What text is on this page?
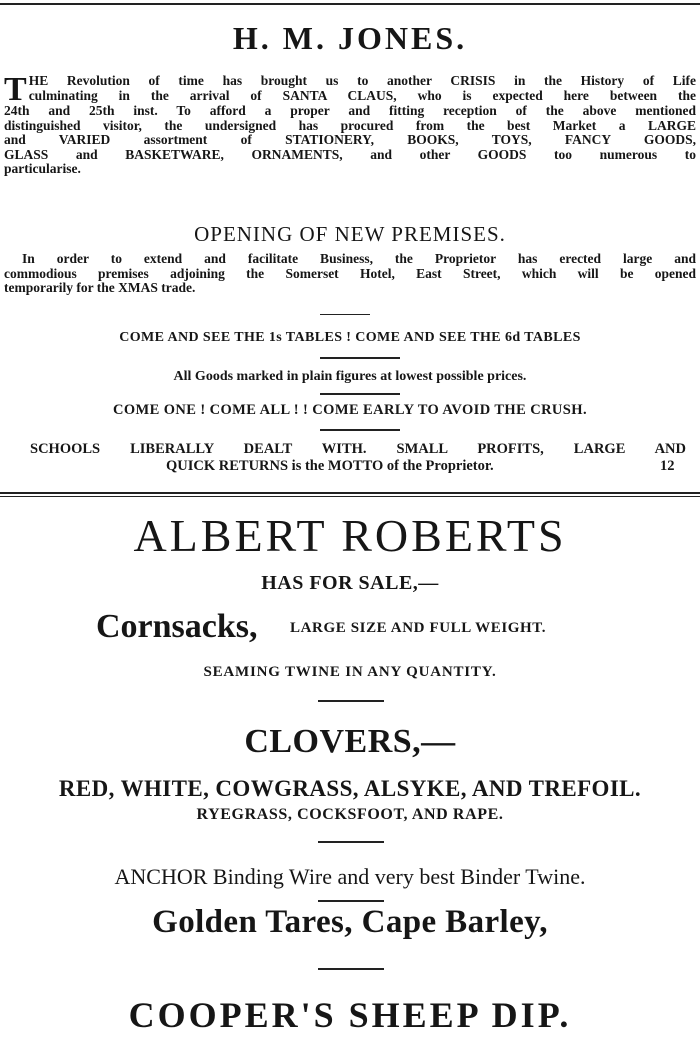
H. M. JONES.
T HE Revolution of time has brought us to another CRISIS in the History of Life
culminating in the arrival of SANTA CLAUS, who is expected here between the
24th and 25th inst. To afford a proper and fitting reception of the above mentioned
distinguished visitor, the undersigned has procured from the best Market a LARGE
and VARIED assortment of STATIONERY, BOOKS, TOYS, FANCY GOODS,
GLASS and BASKETWARE, ORNAMENTS, and other GOODS too numerous to
particularise.
OPENING OF NEW PREMISES.
In order to extend and facilitate Business, the Proprietor has erected large and
commodious premises adjoining the Somerset Hotel, East Street, which will be opened
temporarily for the XMAS trade.
COME AND SEE THE 1s TABLES ! COME AND SEE THE 6d TABLES
All Goods marked in plain figures at lowest possible prices.
COME ONE ! COME ALL ! ! COME EARLY TO AVOID THE CRUSH.
SCHOOLS LIBERALLY DEALT WITH. SMALL PROFITS, LARGE AND
QUICK RETURNS is the MOTTO of the Proprietor.	12
ALBERT ROBERTS
HAS FOR SALE,—
Cornsacks, LARGE SIZE AND FULL WEIGHT.
SEAMING TWINE IN ANY QUANTITY.
CLOVERS,—
RED, WHITE, COWGRASS, ALSYKE, AND TREFOIL.
RYEGRASS, COCKSFOOT, AND RAPE.
ANCHOR Binding Wire and very best Binder Twine.
Golden Tares, Cape Barley,
COOPER'S SHEEP DIP.
